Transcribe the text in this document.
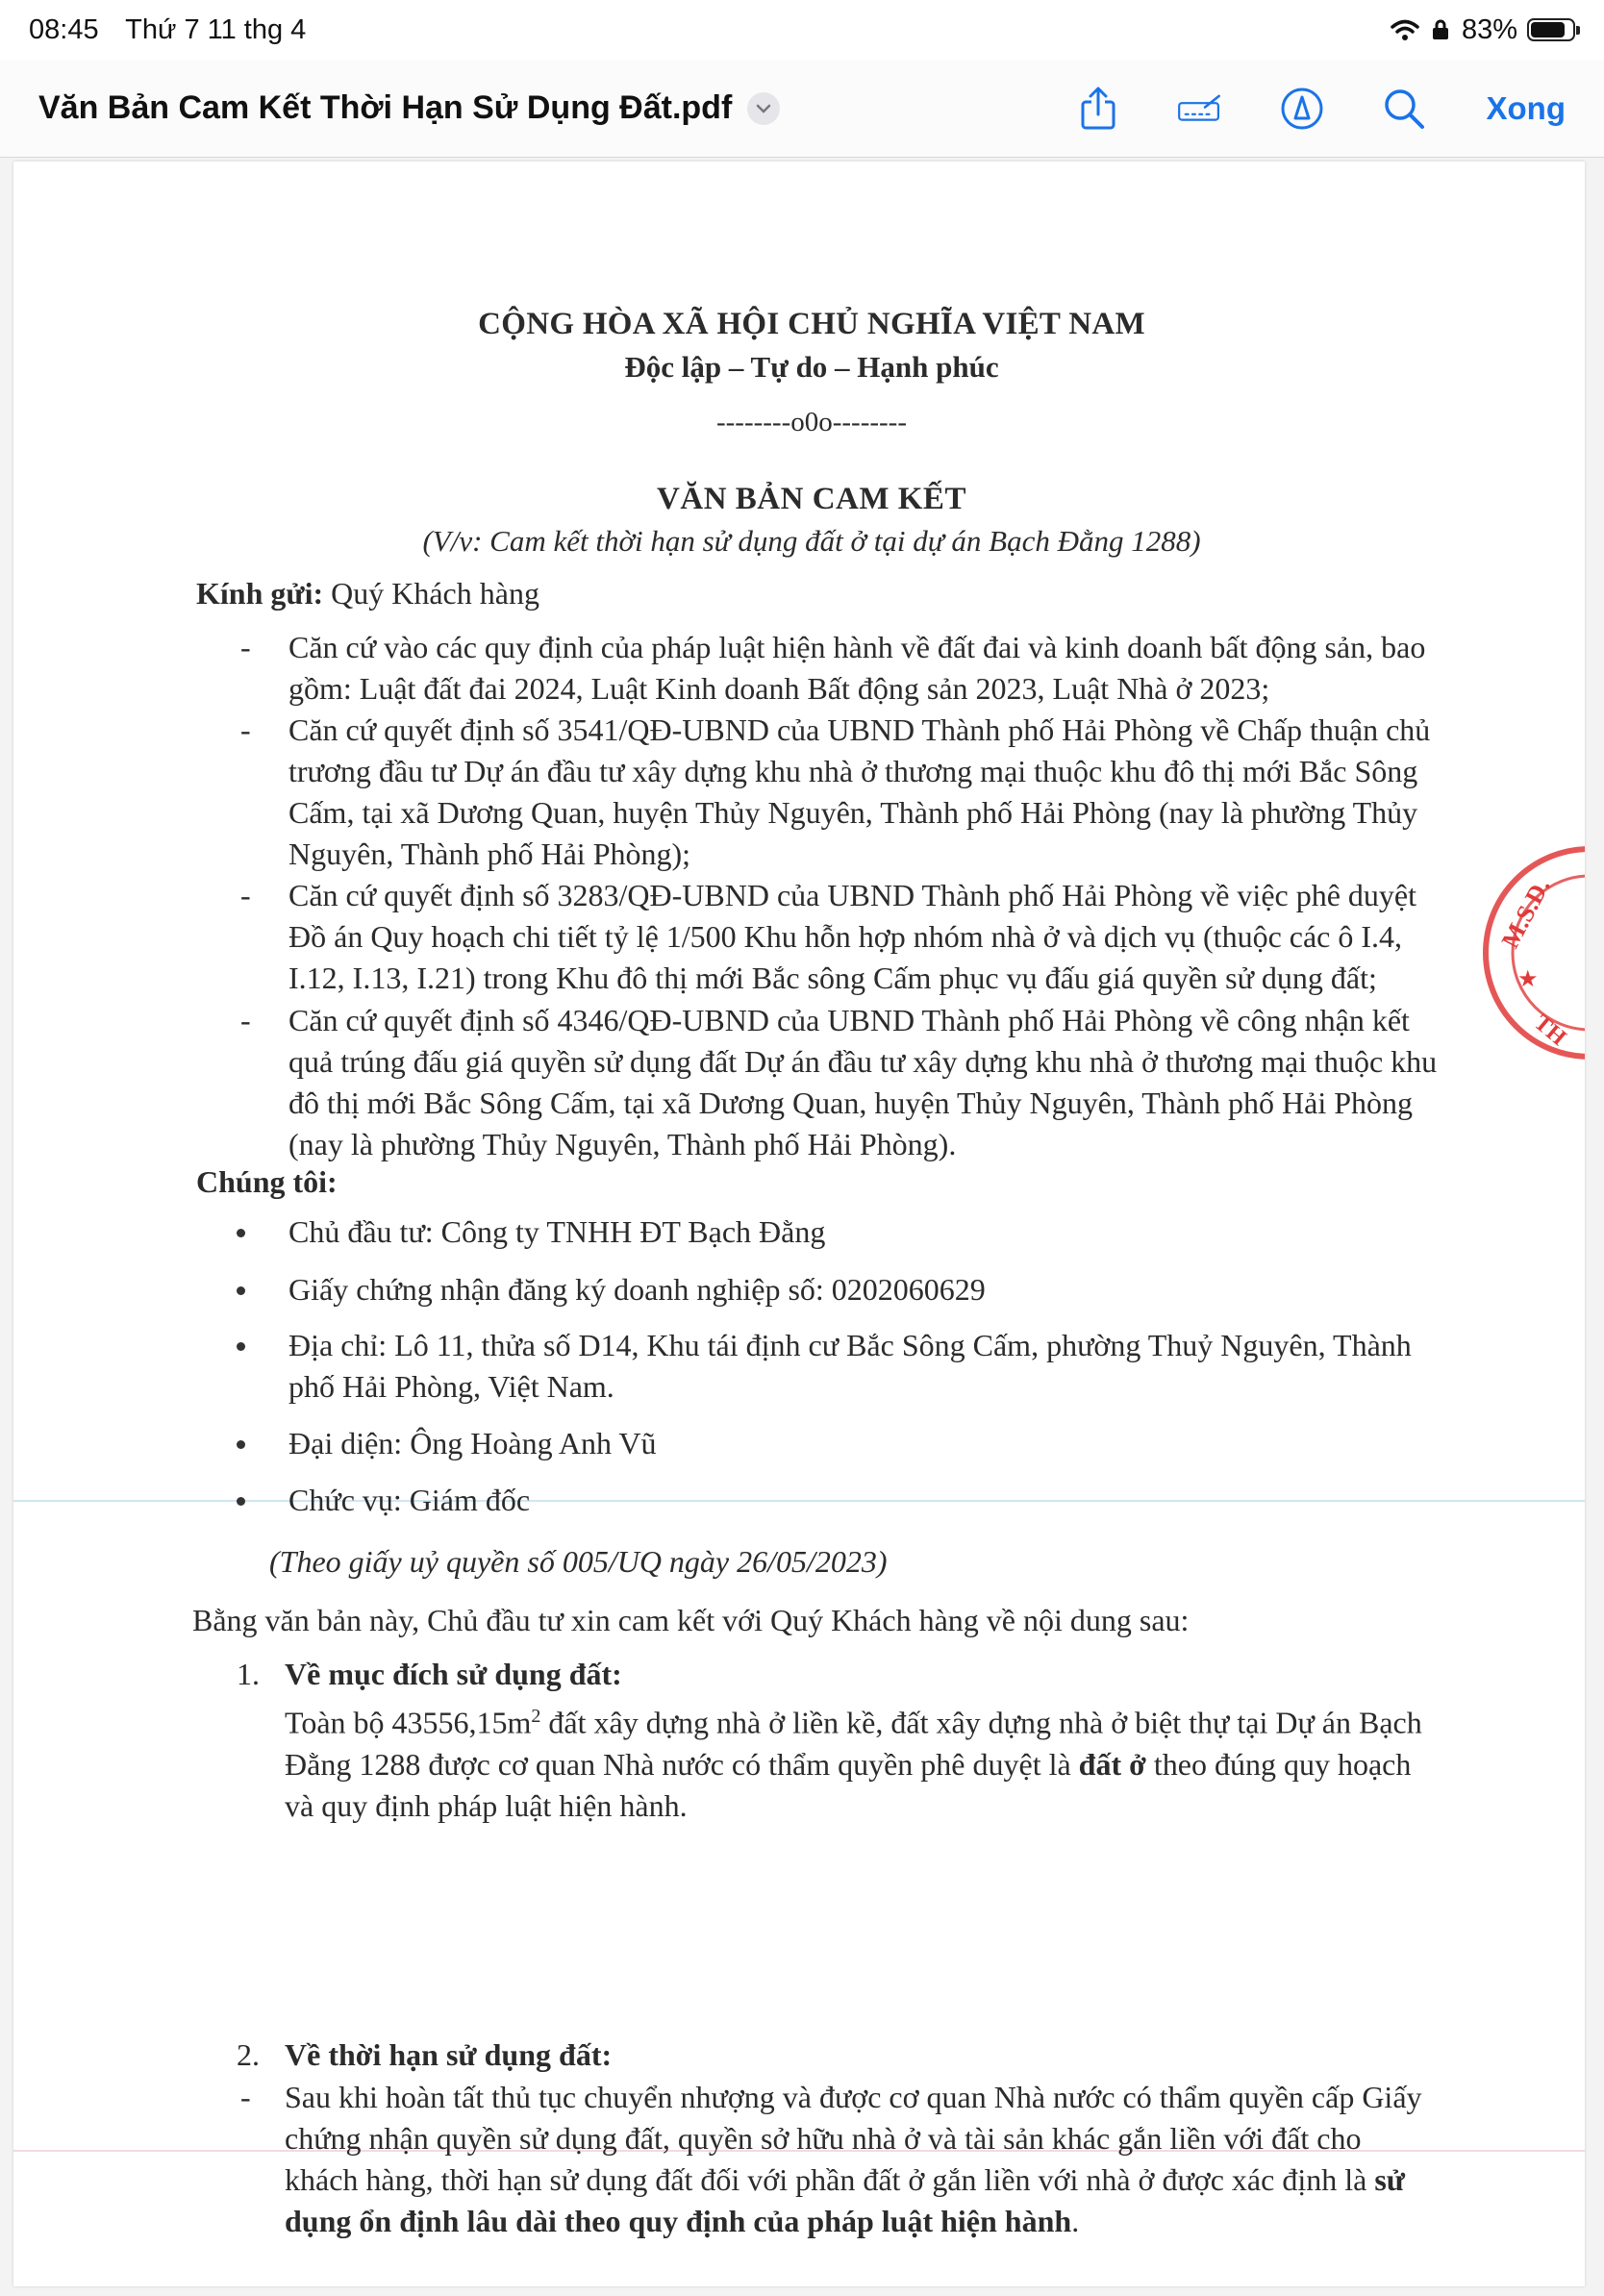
08:45 Thứ 7 11 thg 4	83%
Văn Bản Cam Kết Thời Hạn Sử Dụng Đất.pdf	Xong
M.S.D.
★
TH
CỘNG HÒA XÃ HỘI CHỦ NGHĨA VIỆT NAM
Độc lập – Tự do – Hạnh phúc
--------o0o--------
VĂN BẢN CAM KẾT
(V/v: Cam kết thời hạn sử dụng đất ở tại dự án Bạch Đằng 1288)
Kính gửi: Quý Khách hàng
- Căn cứ vào các quy định của pháp luật hiện hành về đất đai và kinh doanh bất động sản, bao gồm: Luật đất đai 2024, Luật Kinh doanh Bất động sản 2023, Luật Nhà ở 2023;
- Căn cứ quyết định số 3541/QĐ-UBND của UBND Thành phố Hải Phòng về Chấp thuận chủ trương đầu tư Dự án đầu tư xây dựng khu nhà ở thương mại thuộc khu đô thị mới Bắc Sông Cấm, tại xã Dương Quan, huyện Thủy Nguyên, Thành phố Hải Phòng (nay là phường Thủy Nguyên, Thành phố Hải Phòng);
- Căn cứ quyết định số 3283/QĐ-UBND của UBND Thành phố Hải Phòng về việc phê duyệt Đồ án Quy hoạch chi tiết tỷ lệ 1/500 Khu hỗn hợp nhóm nhà ở và dịch vụ (thuộc các ô I.4, I.12, I.13, I.21) trong Khu đô thị mới Bắc sông Cấm phục vụ đấu giá quyền sử dụng đất;
- Căn cứ quyết định số 4346/QĐ-UBND của UBND Thành phố Hải Phòng về công nhận kết quả trúng đấu giá quyền sử dụng đất Dự án đầu tư xây dựng khu nhà ở thương mại thuộc khu đô thị mới Bắc Sông Cấm, tại xã Dương Quan, huyện Thủy Nguyên, Thành phố Hải Phòng (nay là phường Thủy Nguyên, Thành phố Hải Phòng).
Chúng tôi:
Chủ đầu tư: Công ty TNHH ĐT Bạch Đằng
Giấy chứng nhận đăng ký doanh nghiệp số: 0202060629
Địa chỉ: Lô 11, thửa số D14, Khu tái định cư Bắc Sông Cấm, phường Thuỷ Nguyên, Thành phố Hải Phòng, Việt Nam.
Đại diện: Ông Hoàng Anh Vũ
Chức vụ: Giám đốc
(Theo giấy uỷ quyền số 005/UQ ngày 26/05/2023)
Bằng văn bản này, Chủ đầu tư xin cam kết với Quý Khách hàng về nội dung sau:
1. Về mục đích sử dụng đất:
Toàn bộ $43556,15m^2$ đất xây dựng nhà ở liền kề, đất xây dựng nhà ở biệt thự tại Dự án Bạch Đằng 1288 được cơ quan Nhà nước có thẩm quyền phê duyệt là đất ở theo đúng quy hoạch và quy định pháp luật hiện hành.
2. Về thời hạn sử dụng đất:
- Sau khi hoàn tất thủ tục chuyển nhượng và được cơ quan Nhà nước có thẩm quyền cấp Giấy chứng nhận quyền sử dụng đất, quyền sở hữu nhà ở và tài sản khác gắn liền với đất cho khách hàng, thời hạn sử dụng đất đối với phần đất ở gắn liền với nhà ở được xác định là sử dụng ổn định lâu dài theo quy định của pháp luật hiện hành.
